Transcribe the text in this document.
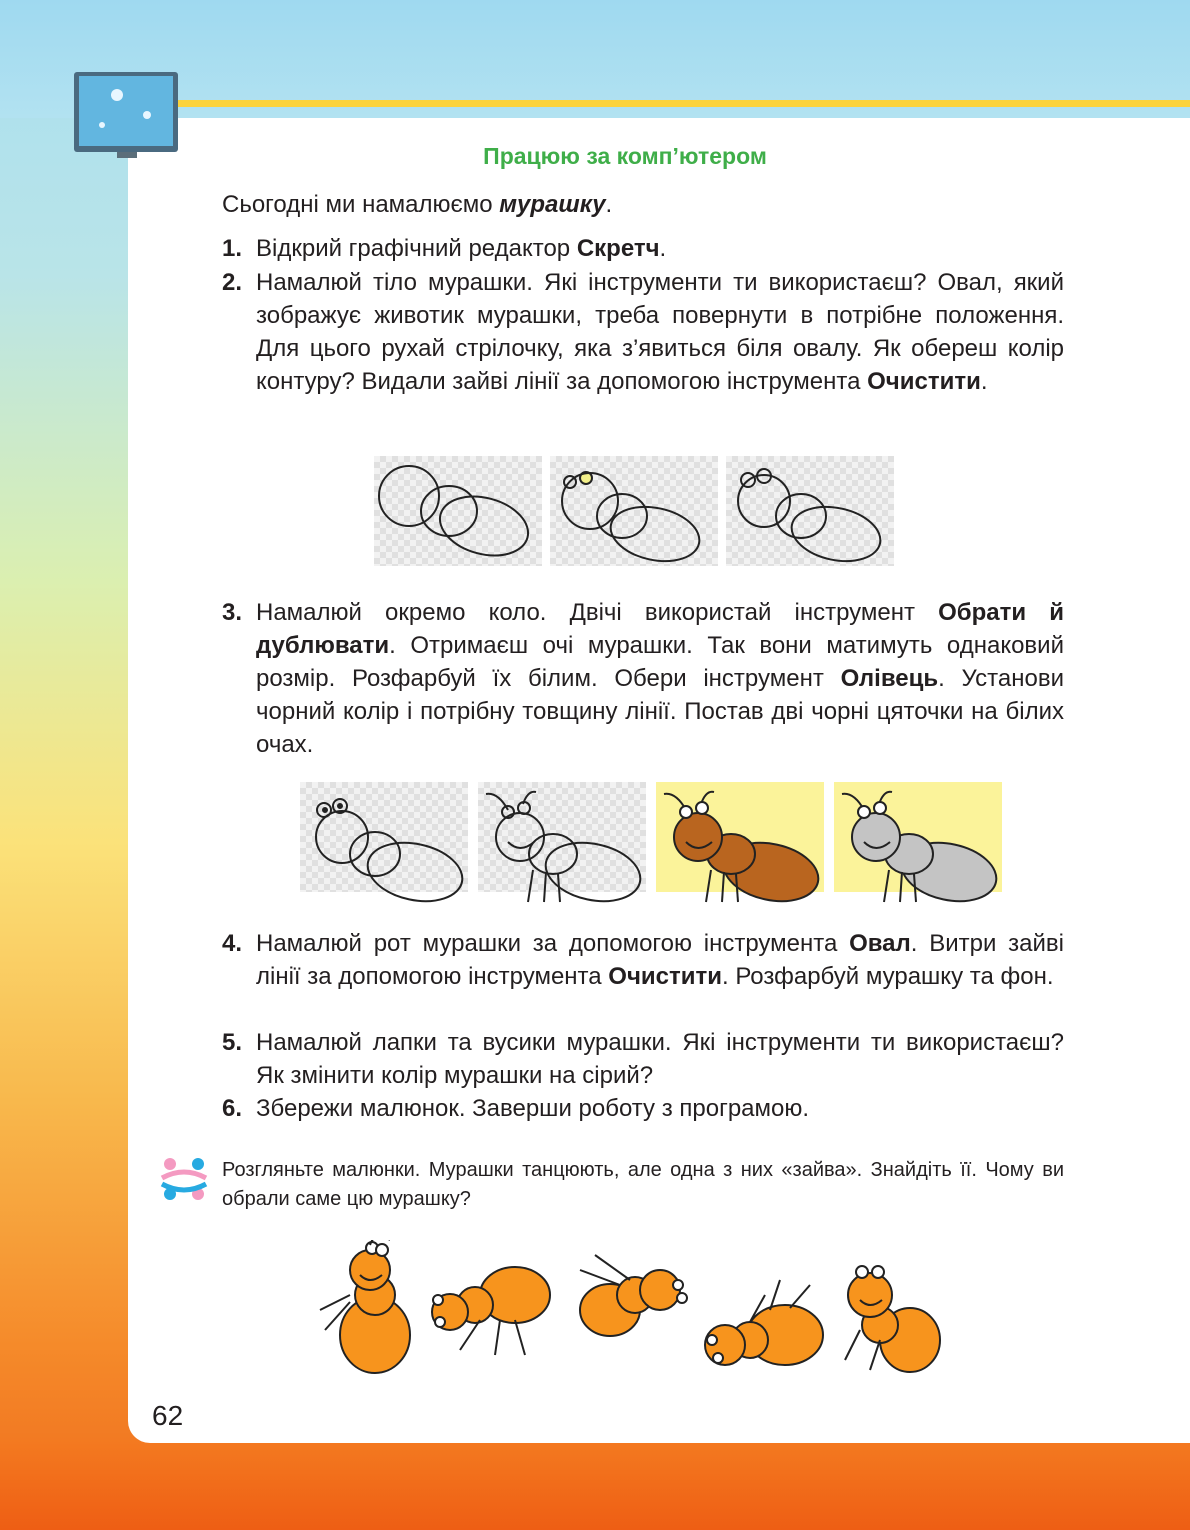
Працюю за комп’ютером
Сьогодні ми намалюємо мурашку.
1. Відкрий графічний редактор Скретч.
2. Намалюй тіло мурашки. Які інструменти ти використаєш? Овал, який зображує животик мурашки, треба повернути в потрібне положення. Для цього рухай стрілочку, яка з’явиться біля овалу. Як обереш колір контуру? Видали зайві лінії за допомогою інструмента Очистити.
3. Намалюй окремо коло. Двічі використай інструмент Обрати й дублювати. Отримаєш очі мурашки. Так вони матимуть однаковий розмір. Розфарбуй їх білим. Обери інструмент Олівець. Установи чорний колір і потрібну товщину лінії. Постав дві чорні цяточки на білих очах.
4. Намалюй рот мурашки за допомогою інструмента Овал. Витри зайві лінії за допомогою інструмента Очистити. Розфарбуй мурашку та фон.
5. Намалюй лапки та вусики мурашки. Які інструменти ти використаєш? Як змінити колір мурашки на сірий?
6. Збережи малюнок. Заверши роботу з програмою.
Розгляньте малюнки. Мурашки танцюють, але одна з них «зайва». Знайдіть її. Чому ви обрали саме цю мурашку?
62
